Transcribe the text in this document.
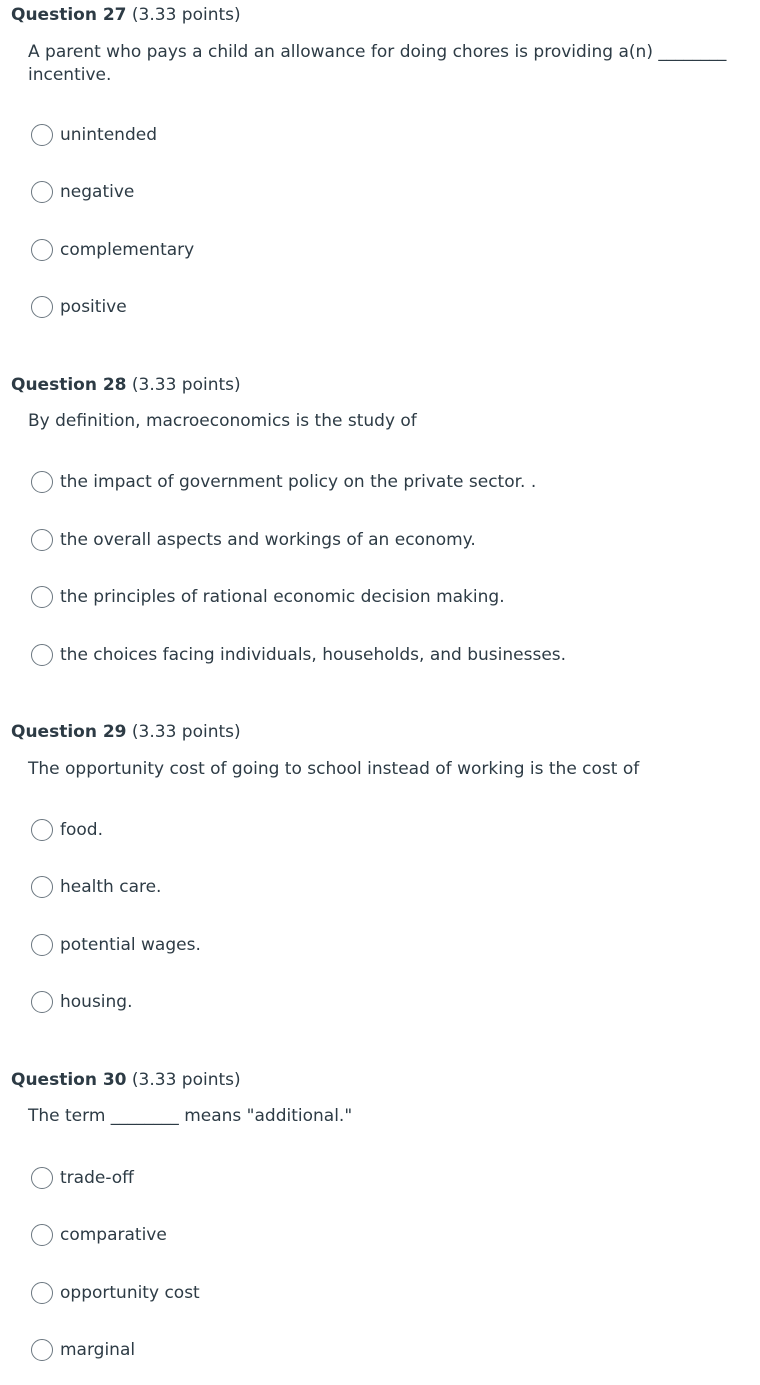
Question 27 (3.33 points)
A parent who pays a child an allowance for doing chores is providing a(n) ________ incentive.
unintended
negative
complementary
positive
Question 28 (3.33 points)
By definition, macroeconomics is the study of
the impact of government policy on the private sector. .
the overall aspects and workings of an economy.
the principles of rational economic decision making.
the choices facing individuals, households, and businesses.
Question 29 (3.33 points)
The opportunity cost of going to school instead of working is the cost of
food.
health care.
potential wages.
housing.
Question 30 (3.33 points)
The term ________ means "additional."
trade-off
comparative
opportunity cost
marginal
